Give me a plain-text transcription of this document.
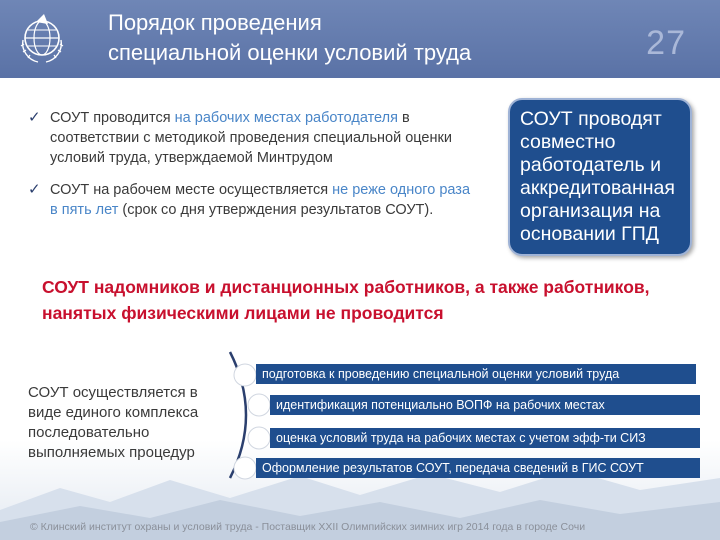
Порядок проведения
специальной оценки условий труда	27
✓ СОУТ проводится на рабочих местах работодателя в соответствии с методикой проведения специальной оценки условий труда, утверждаемой Минтрудом
✓ СОУТ на рабочем месте осуществляется не реже одного раза в пять лет (срок со дня утверждения результатов СОУТ).
СОУТ проводят совместно работодатель и аккредитованная организация на основании ГПД
СОУТ надомников и дистанционных работников, а также работников, нанятых физическими лицами не проводится
СОУТ осуществляется в виде единого комплекса последовательно выполняемых процедур
подготовка к проведению специальной оценки условий труда
идентификация потенциально ВОПФ на рабочих местах
оценка условий труда на рабочих местах с учетом эфф-ти СИЗ
Оформление результатов СОУТ, передача сведений в ГИС СОУТ
© Клинский институт охраны и условий труда - Поставщик XXII Олимпийских зимних игр 2014 года в городе Сочи
